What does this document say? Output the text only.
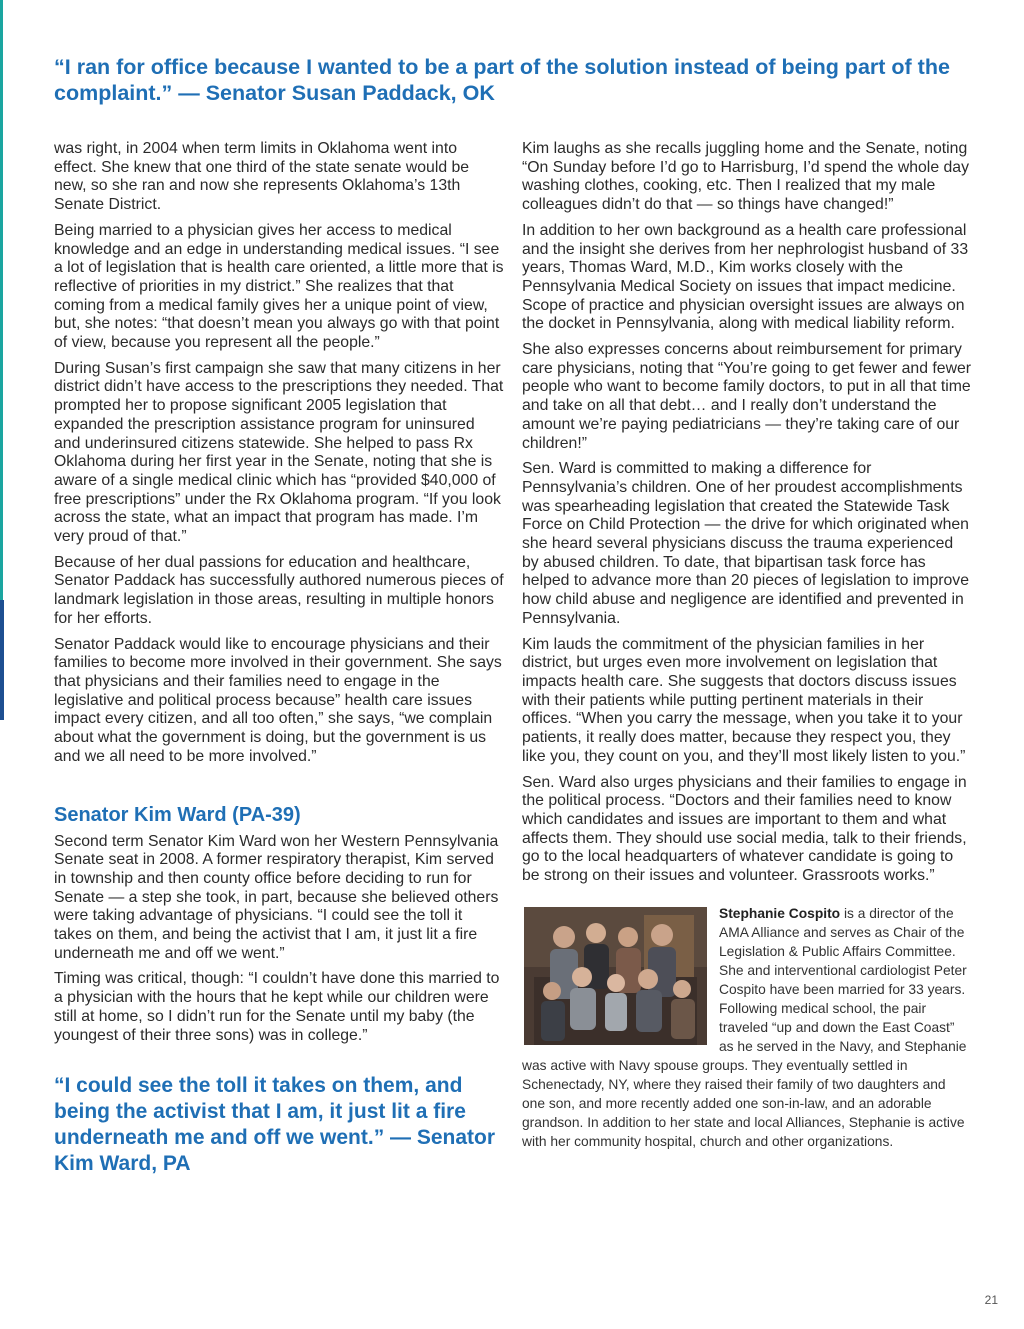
“I ran for office because I wanted to be a part of the solution instead of being part of the complaint.” — Senator Susan Paddack, OK

was right, in 2004 when term limits in Oklahoma went into effect. She knew that one third of the state senate would be new, so she ran and now she represents Oklahoma’s 13th Senate District.

Being married to a physician gives her access to medical knowledge and an edge in understanding medical issues. “I see a lot of legislation that is health care oriented, a little more that is reflective of priorities in my district.” She realizes that that coming from a medical family gives her a unique point of view, but, she notes: “that doesn’t mean you always go with that point of view, because you represent all the people.”

During Susan’s first campaign she saw that many citizens in her district didn’t have access to the prescriptions they needed. That prompted her to propose significant 2005 legislation that expanded the prescription assistance program for uninsured and underinsured citizens statewide. She helped to pass Rx Oklahoma during her first year in the Senate, noting that she is aware of a single medical clinic which has “provided $40,000 of free prescriptions” under the Rx Oklahoma program. “If you look across the state, what an impact that program has made. I’m very proud of that.”

Because of her dual passions for education and healthcare, Senator Paddack has successfully authored numerous pieces of landmark legislation in those areas, resulting in multiple honors for her efforts.

Senator Paddack would like to encourage physicians and their families to become more involved in their government. She says that physicians and their families need to engage in the legislative and political process because” health care issues impact every citizen, and all too often,” she says, “we complain about what the government is doing, but the government is us and we all need to be more involved.”

Senator Kim Ward (PA-39)

Second term Senator Kim Ward won her Western Pennsylvania Senate seat in 2008. A former respiratory therapist, Kim served in township and then county office before deciding to run for Senate — a step she took, in part, because she believed others were taking advantage of physicians. “I could see the toll it takes on them, and being the activist that I am, it just lit a fire underneath me and off we went.”

Timing was critical, though: “I couldn’t have done this married to a physician with the hours that he kept while our children were still at home, so I didn’t run for the Senate until my baby (the youngest of their three sons) was in college.”

“I could see the toll it takes on them, and being the activist that I am, it just lit a fire underneath me and off we went.” — Senator Kim Ward, PA

Kim laughs as she recalls juggling home and the Senate, noting “On Sunday before I’d go to Harrisburg, I’d spend the whole day washing clothes, cooking, etc. Then I realized that my male colleagues didn’t do that — so things have changed!”

In addition to her own background as a health care professional and the insight she derives from her nephrologist husband of 33 years, Thomas Ward, M.D., Kim works closely with the Pennsylvania Medical Society on issues that impact medicine. Scope of practice and physician oversight issues are always on the docket in Pennsylvania, along with medical liability reform.

She also expresses concerns about reimbursement for primary care physicians, noting that “You’re going to get fewer and fewer people who want to become family doctors, to put in all that time and take on all that debt… and I really don’t understand the amount we’re paying pediatricians — they’re taking care of our children!”

Sen. Ward is committed to making a difference for Pennsylvania’s children. One of her proudest accomplishments was spearheading legislation that created the Statewide Task Force on Child Protection — the drive for which originated when she heard several physicians discuss the trauma experienced by abused children. To date, that bipartisan task force has helped to advance more than 20 pieces of legislation to improve how child abuse and negligence are identified and prevented in Pennsylvania.

Kim lauds the commitment of the physician families in her district, but urges even more involvement on legislation that impacts health care. She suggests that doctors discuss issues with their patients while putting pertinent materials in their offices. “When you carry the message, when you take it to your patients, it really does matter, because they respect you, they like you, they count on you, and they’ll most likely listen to you.”

Sen. Ward also urges physicians and their families to engage in the political process. “Doctors and their families need to know which candidates and issues are important to them and what affects them. They should use social media, talk to their friends, go to the local headquarters of whatever candidate is going to be strong on their issues and volunteer. Grassroots works.”

Stephanie Cospito is a director of the AMA Alliance and serves as Chair of the Legislation & Public Affairs Committee. She and interventional cardiologist Peter Cospito have been married for 33 years. Following medical school, the pair traveled “up and down the East Coast” as he served in the Navy, and Stephanie was active with Navy spouse groups. They eventually settled in Schenectady, NY, where they raised their family of two daughters and one son, and more recently added one son-in-law, and an adorable grandson. In addition to her state and local Alliances, Stephanie is active with her community hospital, church and other organizations.
21
